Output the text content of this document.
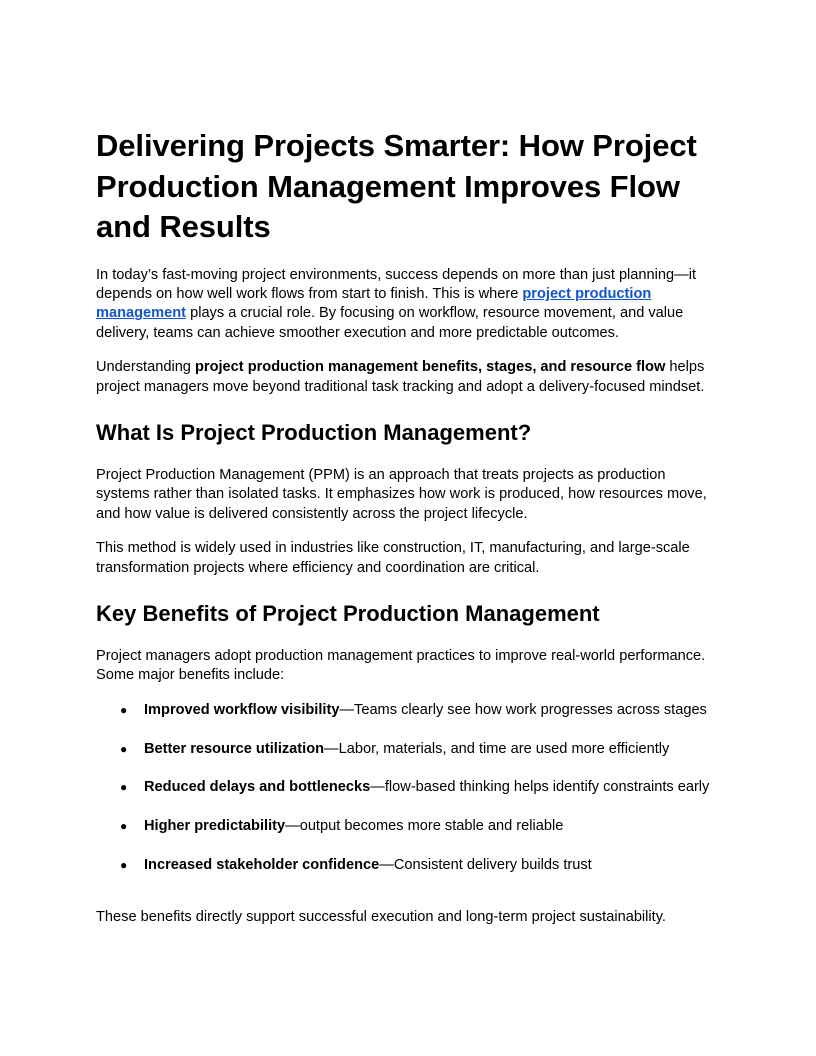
Delivering Projects Smarter: How Project Production Management Improves Flow and Results

In today’s fast-moving project environments, success depends on more than just planning—it depends on how well work flows from start to finish. This is where project production management plays a crucial role. By focusing on workflow, resource movement, and value delivery, teams can achieve smoother execution and more predictable outcomes.

Understanding project production management benefits, stages, and resource flow helps project managers move beyond traditional task tracking and adopt a delivery-focused mindset.

What Is Project Production Management?

Project Production Management (PPM) is an approach that treats projects as production systems rather than isolated tasks. It emphasizes how work is produced, how resources move, and how value is delivered consistently across the project lifecycle.

This method is widely used in industries like construction, IT, manufacturing, and large-scale transformation projects where efficiency and coordination are critical.

Key Benefits of Project Production Management

Project managers adopt production management practices to improve real-world performance. Some major benefits include:

● Improved workflow visibility—Teams clearly see how work progresses across stages
● Better resource utilization—Labor, materials, and time are used more efficiently
● Reduced delays and bottlenecks—flow-based thinking helps identify constraints early
● Higher predictability—output becomes more stable and reliable
● Increased stakeholder confidence—Consistent delivery builds trust

These benefits directly support successful execution and long-term project sustainability.
